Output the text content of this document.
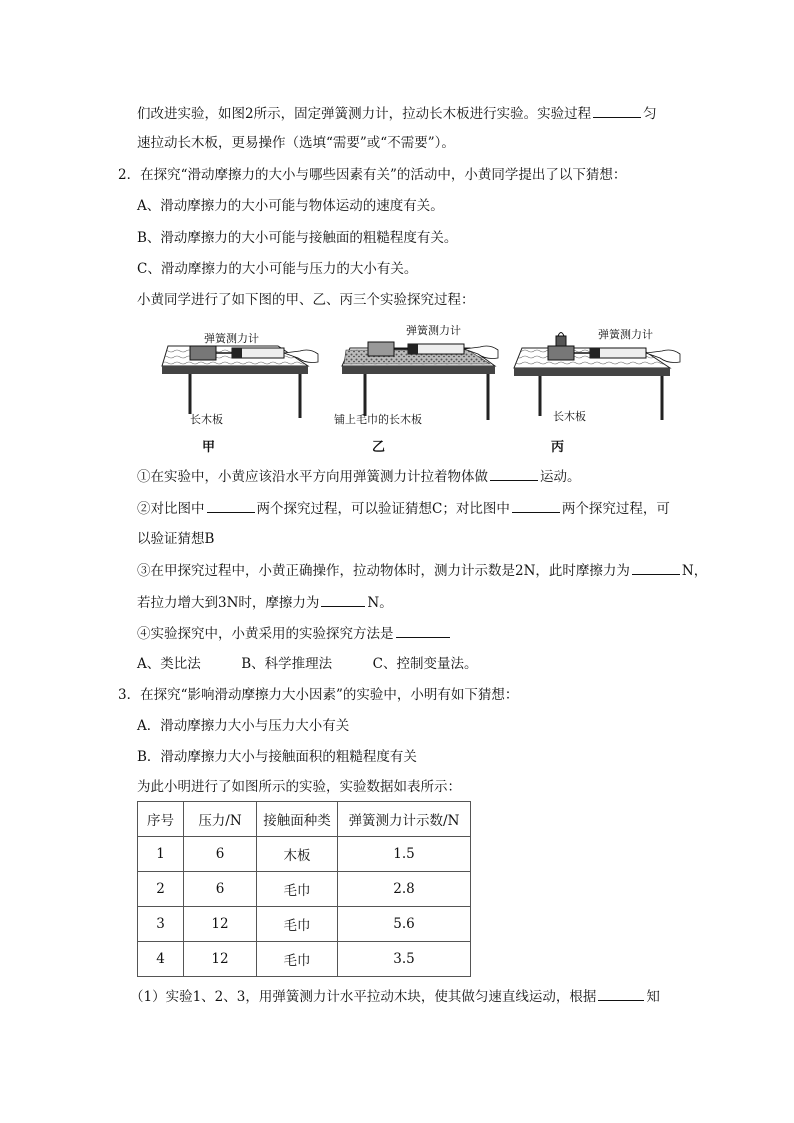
们改进实验，如图2所示，固定弹簧测力计，拉动长木板进行实验。实验过程	匀
速拉动长木板，更易操作（选填“需要”或“不需要”）。
2．在探究“滑动摩擦力的大小与哪些因素有关”的活动中，小黄同学提出了以下猜想：
A、滑动摩擦力的大小可能与物体运动的速度有关。
B、滑动摩擦力的大小可能与接触面的粗糙程度有关。
C、滑动摩擦力的大小可能与压力的大小有关。
小黄同学进行了如下图的甲、乙、丙三个实验探究过程：
弹簧测力计
长木板
甲
弹簧测力计
铺上毛巾的长木板
乙
弹簧测力计
长木板
丙
①在实验中，小黄应该沿水平方向用弹簧测力计拉着物体做	运动。
②对比图中	两个探究过程，可以验证猜想C；对比图中	两个探究过程，可
以验证猜想B
③在甲探究过程中，小黄正确操作，拉动物体时，测力计示数是2N，此时摩擦力为	N，
若拉力增大到3N时，摩擦力为	N。
④实验探究中，小黄采用的实验探究方法是
A、类比法　　　B、科学推理法　　　C、控制变量法。
3．在探究“影响滑动摩擦力大小因素”的实验中，小明有如下猜想：
A．滑动摩擦力大小与压力大小有关
B．滑动摩擦力大小与接触面积的粗糙程度有关
为此小明进行了如图所示的实验，实验数据如表所示：
序号	压力/N	接触面种类	弹簧测力计示数/N
1	6	木板	1.5
2	6	毛巾	2.8
3	12	毛巾	5.6
4	12	毛巾	3.5
（1）实验1、2、3，用弹簧测力计水平拉动木块，使其做匀速直线运动，根据	知
